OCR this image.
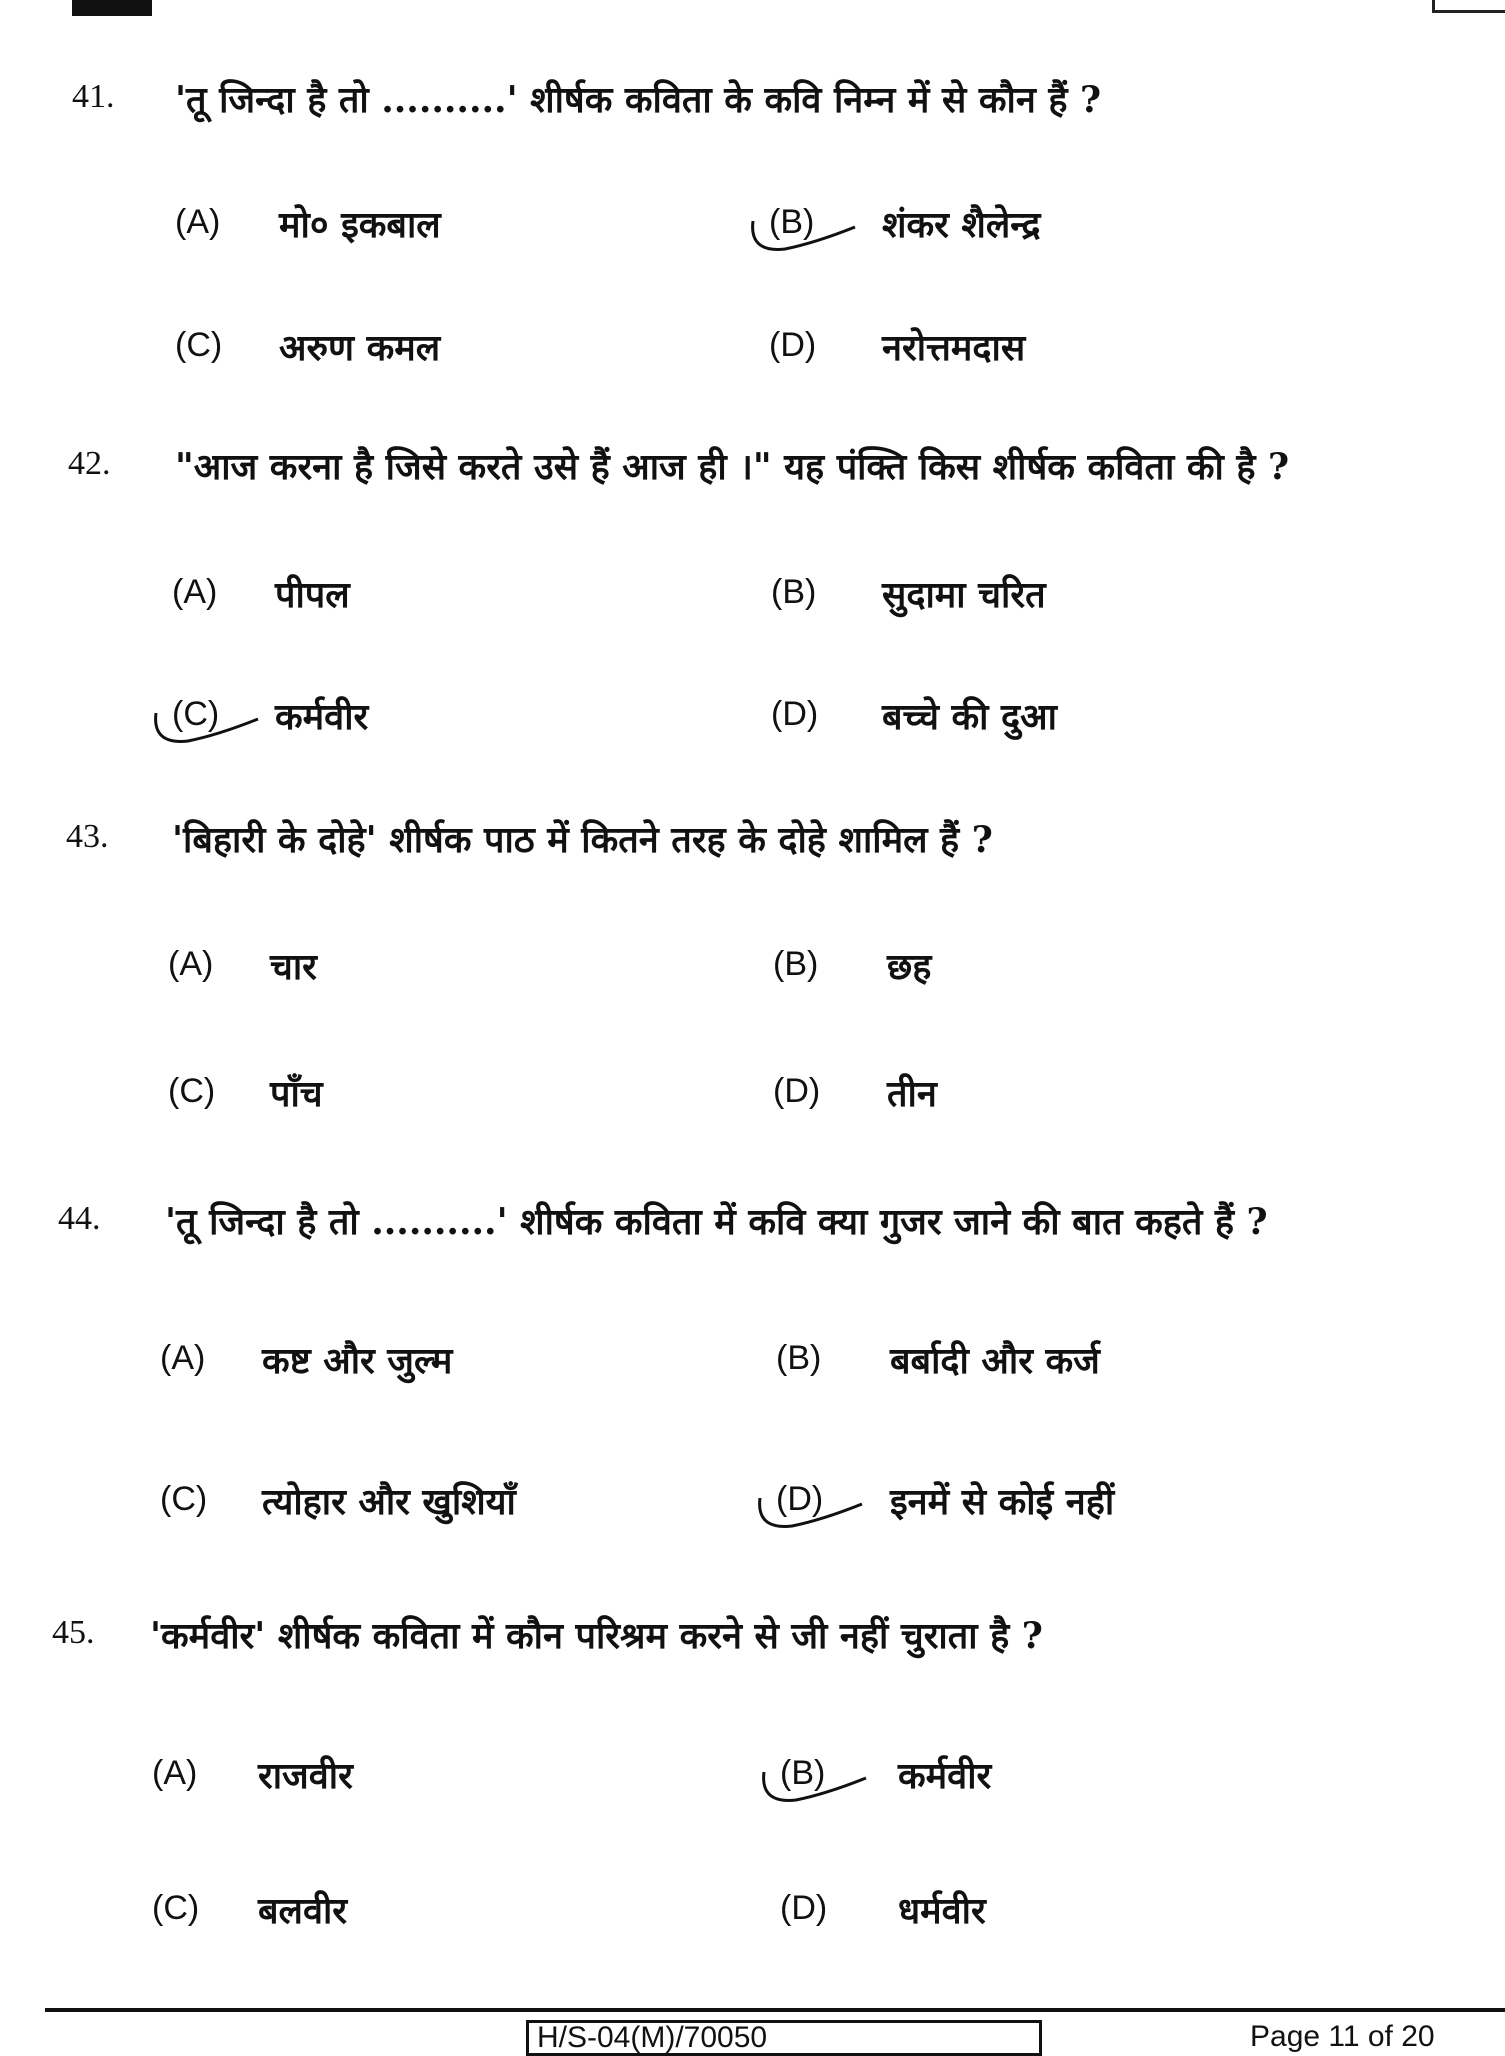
41. 'तू जिन्दा है तो ..........' शीर्षक कविता के कवि निम्न में से कौन हैं ?
(A) मो० इकबाल	(B) शंकर शैलेन्द्र
(C) अरुण कमल	(D) नरोत्तमदास
42. "आज करना है जिसे करते उसे हैं आज ही ।" यह पंक्ति किस शीर्षक कविता की है ?
(A) पीपल	(B) सुदामा चरित
(C) कर्मवीर	(D) बच्चे की दुआ
43. 'बिहारी के दोहे' शीर्षक पाठ में कितने तरह के दोहे शामिल हैं ?
(A) चार	(B) छह
(C) पाँच	(D) तीन
44. 'तू जिन्दा है तो ..........' शीर्षक कविता में कवि क्या गुजर जाने की बात कहते हैं ?
(A) कष्ट और जुल्म	(B) बर्बादी और कर्ज
(C) त्योहार और खुशियाँ	(D) इनमें से कोई नहीं
45. 'कर्मवीर' शीर्षक कविता में कौन परिश्रम करने से जी नहीं चुराता है ?
(A) राजवीर	(B) कर्मवीर
(C) बलवीर	(D) धर्मवीर
H/S-04(M)/70050	Page 11 of 20
